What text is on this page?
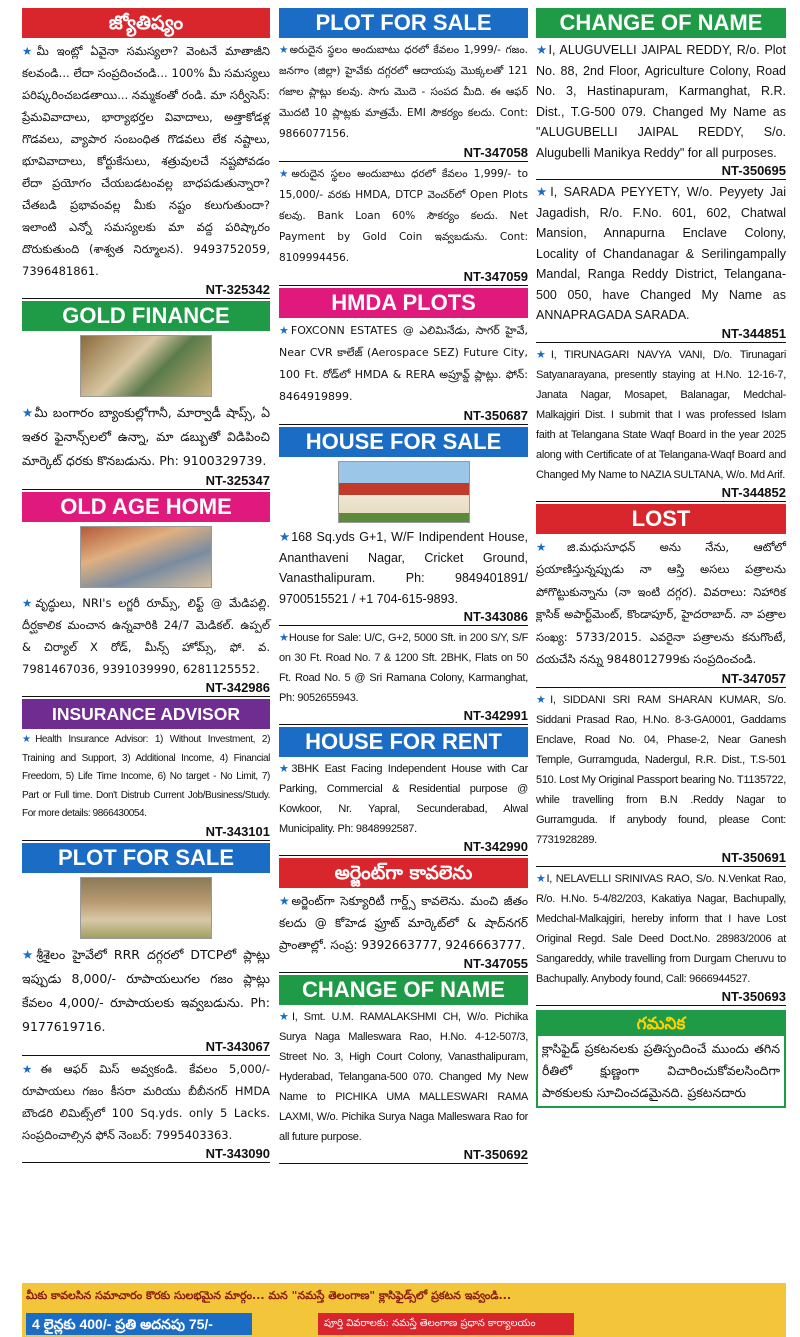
జ్యోతిష్యం
★మీ ఇంట్లో ఏవైనా సమస్యలా? వెంటనే మాతాజీని కలవండి... లేదా సంప్రదించండి... 100% మీ సమస్యలు పరిష్కరించబడతాయి... నమ్మకంతో రండి. మా సర్వీసెస్: ప్రేమవివాదాలు, భార్యాభర్తల వివాదాలు, అత్తాకోడళ్ల గొడవలు, వ్యాపార సంబంధిత గొడవలు లేక నష్టాలు, భూవివాదాలు, కోర్టుకేసులు, శత్రువులచే నష్టపోవడం లేదా ప్రయోగం చేయబడటంవల్ల బాధపడుతున్నారా? చేతబడి ప్రభావంవల్ల మీకు నష్టం కలుగుతుందా? ఇలాంటి ఎన్నో సమస్యలకు మా వద్ద పరిష్కారం దొరుకుతుంది (శాశ్వత నిర్మూలన). 9493752059, 7396481861.
NT-325342
GOLD FINANCE
★మీ బంగారం బ్యాంకుల్లోగానీ, మార్వాడీ షాప్స్, ఏ ఇతర ఫైనాన్స్‌లలో ఉన్నా, మా డబ్బుతో విడిపించి మార్కెట్ ధరకు కొనబడును. Ph: 9100329739.
NT-325347
OLD AGE HOME
★వృద్ధులు, NRI's లగ్జరీ రూమ్స్, లిఫ్ట్ @ మేడిపల్లి. దీర్ఘకాలిక మంచాన ఉన్నవారికి 24/7 మెడికల్. ఉప్పల్ & చిర్యాల్ X రోడ్, మీన్స్ హోమ్స్, ఫో. వ. 7981467036, 9391039990, 6281125552.
NT-342986
INSURANCE ADVISOR
★Health Insurance Advisor: 1) Without Investment, 2) Training and Support, 3) Additional Income, 4) Financial Freedom, 5) Life Time Income, 6) No target - No Limit, 7) Part or Full time. Don't Distrub Current Job/Business/Study. For more details: 9866430054.
NT-343101
PLOT FOR SALE
★శ్రీశైలం హైవేలో RRR దగ్గరలో DTCPలో ప్లాట్లు ఇప్పుడు 8,000/- రూపాయలుగల గజం ప్లాట్లు కేవలం 4,000/- రూపాయలకు ఇవ్వబడును. Ph: 9177619716.
NT-343067
★ఈ ఆఫర్ మిస్ అవ్వకండి. కేవలం 5,000/- రూపాయలు గజం కీసరా మరియు బీబీనగర్ HMDA బౌండరి లిమిట్స్‌లో 100 Sq.yds. only 5 Lacks. సంప్రదించాల్సిన ఫోన్ నెంబర్: 7995403363.
NT-343090
PLOT FOR SALE
★అరుదైన స్థలం అందుబాటు ధరలో కేవలం 1,999/- గజం. జనగాం (జిల్లా) హైవేకు దగ్గరలో ఆదాయపు మొక్కలతో 121 గజాల ప్లాట్లు కలవు. సాగు మొదె - సంపద మీది. ఈ ఆఫర్ మొదటి 10 ప్లాట్లకు మాత్రమే. EMI సౌకర్యం కలదు. Cont: 9866077156.
NT-347058
★అరుదైన స్థలం అందుబాటు ధరలో కేవలం 1,999/- to 15,000/- వరకు HMDA, DTCP వెంచర్‌లో Open Plots కలవు. Bank Loan 60% సౌకర్యం కలదు. Net Payment by Gold Coin ఇవ్వబడును. Cont: 8109994456.
NT-347059
HMDA PLOTS
★FOXCONN ESTATES @ ఎలిమినేడు, సాగర్ హైవే, Near CVR కాలేజ్ (Aerospace SEZ) Future City, 100 Ft. రోడ్‌లో HMDA & RERA అప్రూవ్డ్ ప్లాట్లు. ఫోన్: 8464919899.
NT-350687
HOUSE FOR SALE
★168 Sq.yds G+1, W/F Indipendent House, Ananthaveni Nagar, Cricket Ground, Vanasthalipuram. Ph: 9849401891/ 9700515521 / +1 704-615-9893.
NT-343086
★House for Sale: U/C, G+2, 5000 Sft. in 200 S/Y, S/F on 30 Ft. Road No. 7 & 1200 Sft. 2BHK, Flats on 50 Ft. Road No. 5 @ Sri Ramana Colony, Karmanghat, Ph: 9052655943.
NT-342991
HOUSE FOR RENT
★3BHK East Facing Independent House with Car Parking, Commercial & Residential purpose @ Kowkoor, Nr. Yapral, Secunderabad, Alwal Municipality. Ph: 9848992587.
NT-342990
అర్జెంట్‌గా కావలెను
★అర్జెంట్‌గా సెక్యూరిటీ గార్డ్స్ కావలెను. మంచి జీతం కలదు @ కోహెడ ఫ్రూట్ మార్కెట్‌లో & షాద్‌నగర్ ప్రాంతాల్లో. సంప్ర: 9392663777, 9246663777.
NT-347055
CHANGE OF NAME
★I, Smt. U.M. RAMALAKSHMI CH, W/o. Pichika Surya Naga Malleswara Rao, H.No. 4-12-507/3, Street No. 3, High Court Colony, Vanasthalipuram, Hyderabad, Telangana-500 070. Changed My New Name to PICHIKA UMA MALLESWARI RAMA LAXMI, W/o. Pichika Surya Naga Malleswara Rao for all future purpose.
NT-350692
CHANGE OF NAME
★I, ALUGUVELLI JAIPAL REDDY, R/o. Plot No. 88, 2nd Floor, Agriculture Colony, Road No. 3, Hastinapuram, Karmanghat, R.R. Dist., T.G-500 079. Changed My Name as "ALUGUBELLI JAIPAL REDDY, S/o. Alugubelli Manikya Reddy" for all purposes.
NT-350695
★I, SARADA PEYYETY, W/o. Peyyety Jai Jagadish, R/o. F.No. 601, 602, Chatwal Mansion, Annapurna Enclave Colony, Locality of Chandanagar & Serilingampally Mandal, Ranga Reddy District, Telangana-500 050, have Changed My Name as ANNAPRAGADA SARADA.
NT-344851
★I, TIRUNAGARI NAVYA VANI, D/o. Tirunagari Satyanarayana, presently staying at H.No. 12-16-7, Janata Nagar, Mosapet, Balanagar, Medchal-Malkajgiri Dist. I submit that I was professed Islam faith at Telangana State Waqf Board in the year 2025 along with Certificate of at Telangana-Waqf Board and Changed My Name to NAZIA SULTANA, W/o. Md Arif.
NT-344852
LOST
★జి.మధుసూధన్ అను నేను, ఆటోలో ప్రయాణిస్తున్నప్పుడు నా ఆస్తి అసలు పత్రాలను పోగొట్టుకున్నాను (నా ఇంటి దగ్గర). వివరాలు: నిహారిక క్లాసిక్ అపార్ట్‌మెంట్, కొండాపూర్, హైదరాబాద్. నా పత్రాల సంఖ్య: 5733/2015. ఎవరైనా పత్రాలను కనుగొంటే, దయచేసి నన్ను 9848012799కు సంప్రదించండి.
NT-347057
★I, SIDDANI SRI RAM SHARAN KUMAR, S/o. Siddani Prasad Rao, H.No. 8-3-GA0001, Gaddams Enclave, Road No. 04, Phase-2, Near Ganesh Temple, Gurramguda, Nadergul, R.R. Dist., T.S-501 510. Lost My Original Passport bearing No. T1135722, while travelling from B.N .Reddy Nagar to Gurramguda. If anybody found, please Cont: 7731928289.
NT-350691
★I, NELAVELLI SRINIVAS RAO, S/o. N.Venkat Rao, R/o. H.No. 5-4/82/203, Kakatiya Nagar, Bachupally, Medchal-Malkajgiri, hereby inform that I have Lost Original Regd. Sale Deed Doct.No. 28983/2006 at Sangareddy, while travelling from Durgam Cheruvu to Bachupally. Anybody found, Call: 9666944527.
NT-350693
గమనిక
క్లాసిఫైడ్ ప్రకటనలకు ప్రతిస్పందించే ముందు తగిన రీతిలో క్షుణ్ణంగా విచారించుకోవలసిందిగా పాఠకులకు సూచించడమైనది. ప్రకటనదారు
మీకు కావలసిన సమాచారం కొరకు సులభమైన మార్గం... మన "నమస్తే తెలంగాణ" క్లాసిఫైడ్స్‌లో ప్రకటన ఇవ్వండి...
4 లైన్లకు 400/- ప్రతి అదనపు 75/-	పూర్తి వివరాలకు: నమస్తే తెలంగాణ ప్రధాన కార్యాలయం
